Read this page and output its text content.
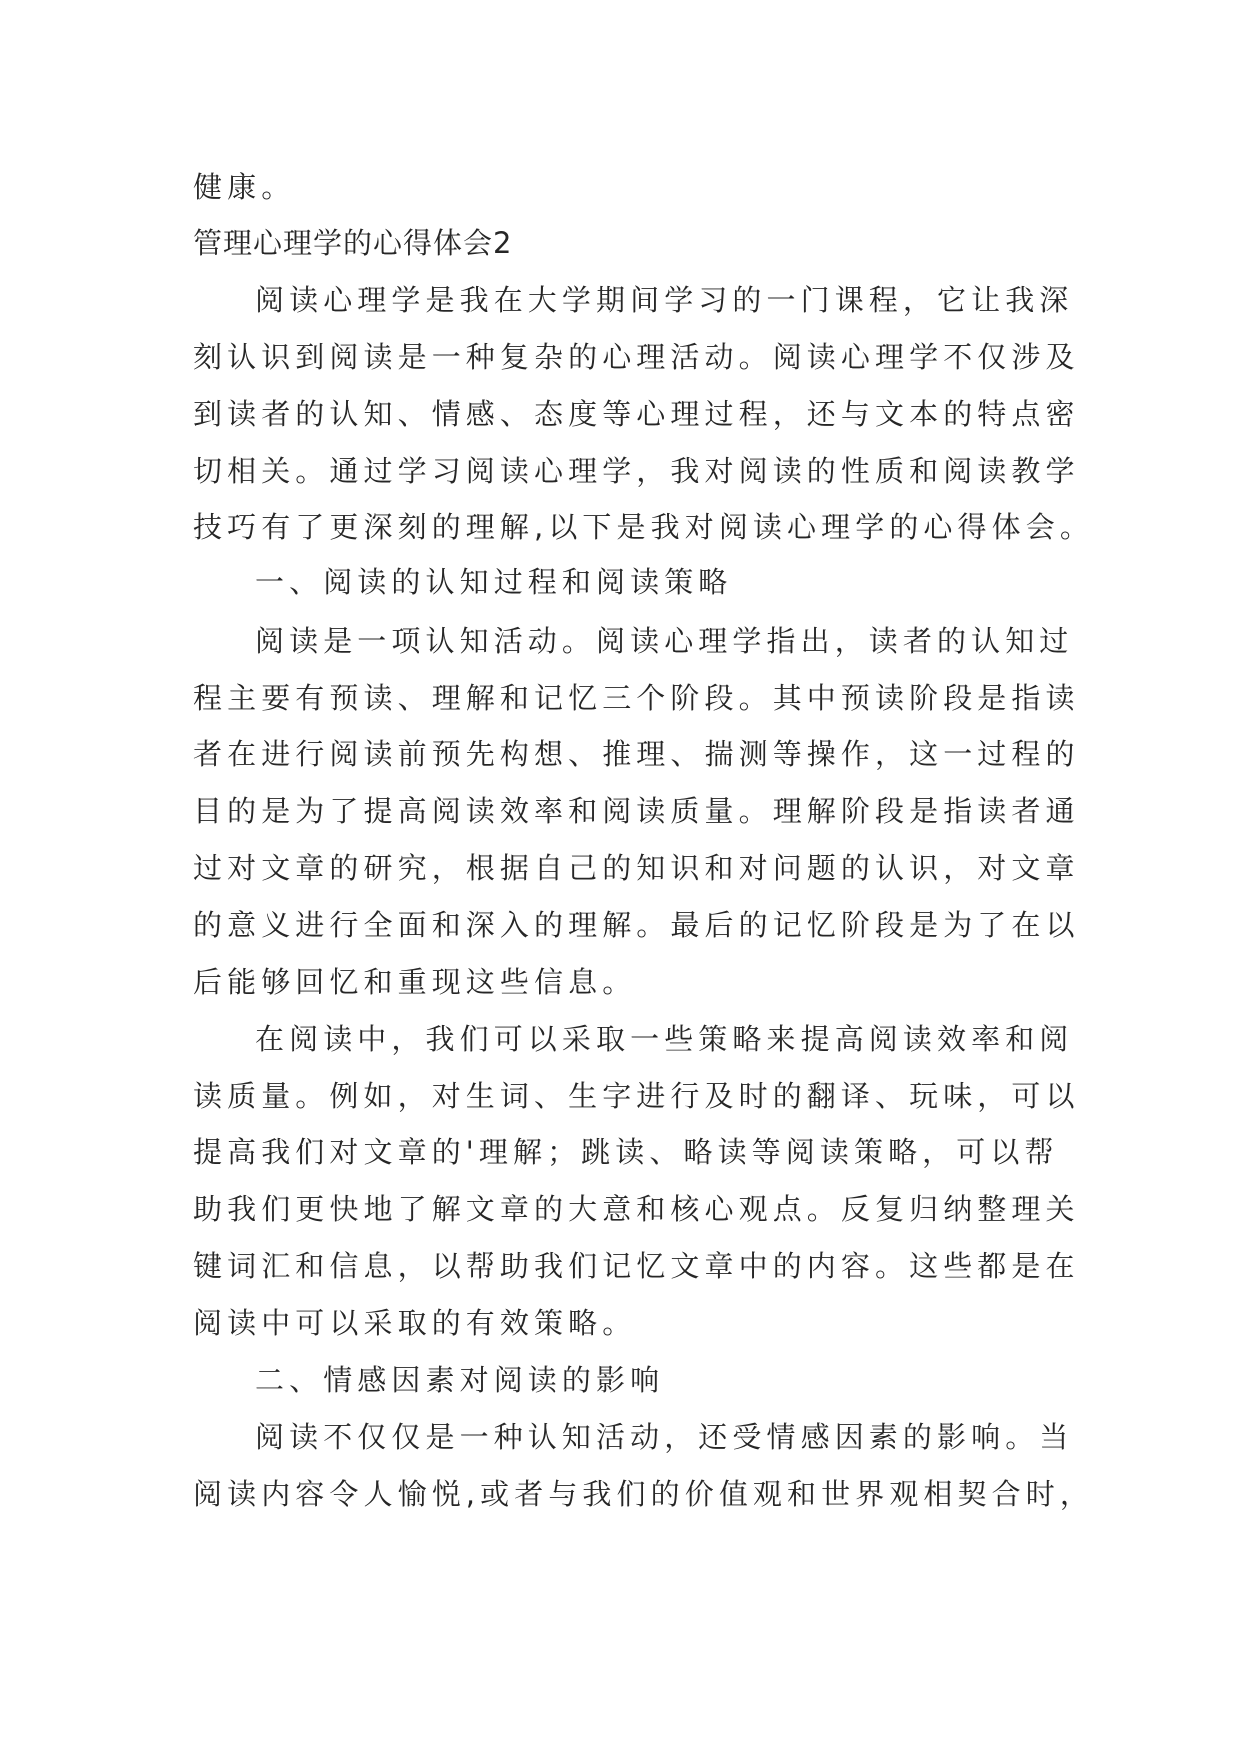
健康。

管理心理学的心得体会2

阅读心理学是我在大学期间学习的一门课程，它让我深

刻认识到阅读是一种复杂的心理活动。阅读心理学不仅涉及

到读者的认知、情感、态度等心理过程，还与文本的特点密

切相关。通过学习阅读心理学，我对阅读的性质和阅读教学

技巧有了更深刻的理解,以下是我对阅读心理学的心得体会。

一、阅读的认知过程和阅读策略

阅读是一项认知活动。阅读心理学指出，读者的认知过

程主要有预读、理解和记忆三个阶段。其中预读阶段是指读

者在进行阅读前预先构想、推理、揣测等操作，这一过程的

目的是为了提高阅读效率和阅读质量。理解阶段是指读者通

过对文章的研究，根据自己的知识和对问题的认识，对文章

的意义进行全面和深入的理解。最后的记忆阶段是为了在以

后能够回忆和重现这些信息。

在阅读中，我们可以采取一些策略来提高阅读效率和阅

读质量。例如，对生词、生字进行及时的翻译、玩味，可以

提高我们对文章的'理解；跳读、略读等阅读策略，可以帮

助我们更快地了解文章的大意和核心观点。反复归纳整理关

键词汇和信息，以帮助我们记忆文章中的内容。这些都是在

阅读中可以采取的有效策略。

二、情感因素对阅读的影响

阅读不仅仅是一种认知活动，还受情感因素的影响。当

阅读内容令人愉悦,或者与我们的价值观和世界观相契合时，
